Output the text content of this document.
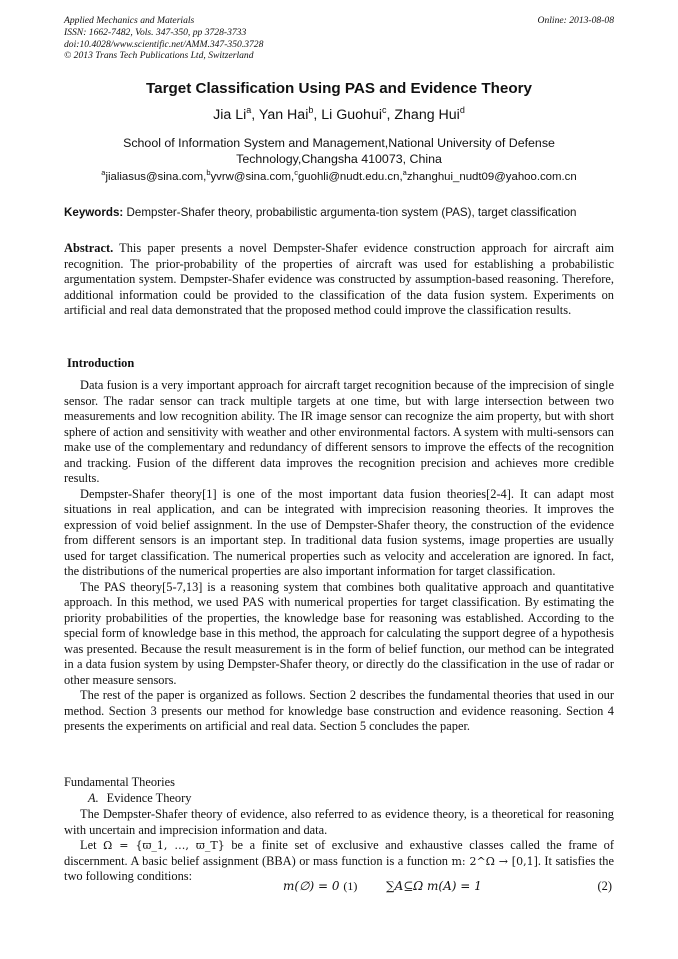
Applied Mechanics and Materials
ISSN: 1662-7482, Vols. 347-350, pp 3728-3733
doi:10.4028/www.scientific.net/AMM.347-350.3728
© 2013 Trans Tech Publications Ltd, Switzerland
Online: 2013-08-08
Target Classification Using PAS and Evidence Theory
Jia Li$^a$, Yan Hai$^b$, Li Guohui$^c$, Zhang Hui$^d$
School of Information System and Management,National University of Defense Technology,Changsha 410073, China
$^a$jialiasus@sina.com,$^b$yvrw@sina.com,$^c$guohli@nudt.edu.cn,$^a$zhanghui_nudt09@yahoo.com.cn
Keywords: Dempster-Shafer theory, probabilistic argumenta-tion system (PAS), target classification

Abstract. This paper presents a novel Dempster-Shafer evidence construction approach for aircraft aim recognition. The prior-probability of the properties of aircraft was used for establishing a probabilistic argumentation system. Dempster-Shafer evidence was constructed by assumption-based reasoning. Therefore, additional information could be provided to the classification of the data fusion system. Experiments on artificial and real data demonstrated that the proposed method could improve the classification results.

Introduction

Data fusion is a very important approach for aircraft target recognition because of the imprecision of single sensor. The radar sensor can track multiple targets at one time, but with large intersection between two measurements and low recognition ability. The IR image sensor can recognize the aim property, but with short sphere of action and sensitivity with weather and other environmental factors. A system with multi-sensors can make use of the complementary and redundancy of different sensors to improve the effects of the recognition and tracking. Fusion of the different data improves the recognition precision and achieves more credible results.

Dempster-Shafer theory[1] is one of the most important data fusion theories[2-4]. It can adapt most situations in real application, and can be integrated with imprecision reasoning theories. It improves the expression of void belief assignment. In the use of Dempster-Shafer theory, the construction of the evidence from different sensors is an important step. In traditional data fusion systems, image properties are usually used for target classification. The numerical properties such as velocity and acceleration are ignored. In fact, the distributions of the numerical properties are also important information for target classification.

The PAS theory[5-7,13] is a reasoning system that combines both qualitative approach and quantitative approach. In this method, we used PAS with numerical properties for target classification. By estimating the priority probabilities of the properties, the knowledge base for reasoning was established. According to the special form of knowledge base in this method, the approach for calculating the support degree of a hypothesis was presented. Because the result measurement is in the form of belief function, our method can be integrated in a data fusion system by using Dempster-Shafer theory, or directly do the classification in the use of radar or other measure sensors.

The rest of the paper is organized as follows. Section 2 describes the fundamental theories that used in our method. Section 3 presents our method for knowledge base construction and evidence reasoning. Section 4 presents the experiments on artificial and real data. Section 5 concludes the paper.

Fundamental Theories
A. Evidence Theory

The Dempster-Shafer theory of evidence, also referred to as evidence theory, is a theoretical for reasoning with uncertain and imprecision information and data.

Let Ω = {ϖ_1, …, ϖ_T} be a finite set of exclusive and exhaustive classes called the frame of discernment. A basic belief assignment (BBA) or mass function is a function m: 2^Ω → [0,1]. It satisfies the two following conditions:

m(∅) = 0 (1) ∑A⊆Ω m(A) = 1	(2)
